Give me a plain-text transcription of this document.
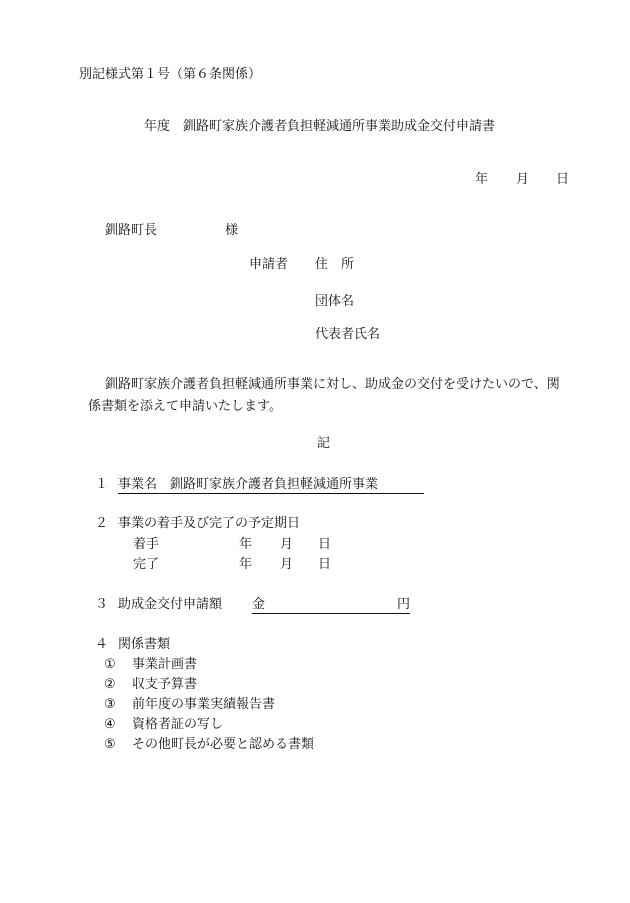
別記様式第１号（第６条関係）
年度　釧路町家族介護者負担軽減通所事業助成金交付申請書
年 月 日
釧路町長	様
申請者 住　所
団体名
代表者氏名
釧路町家族介護者負担軽減通所事業に対し、助成金の交付を受けたいので、関
係書類を添えて申請いたします。
記
１ 事業名 釧路町家族介護者負担軽減通所事業
２ 事業の着手及び完了の予定期日
着手	年 月 日
完了	年 月 日
３ 助成金交付申請額 金	円
４ 関係書類
① 事業計画書
② 収支予算書
③ 前年度の事業実績報告書
④ 資格者証の写し
⑤ その他町長が必要と認める書類
